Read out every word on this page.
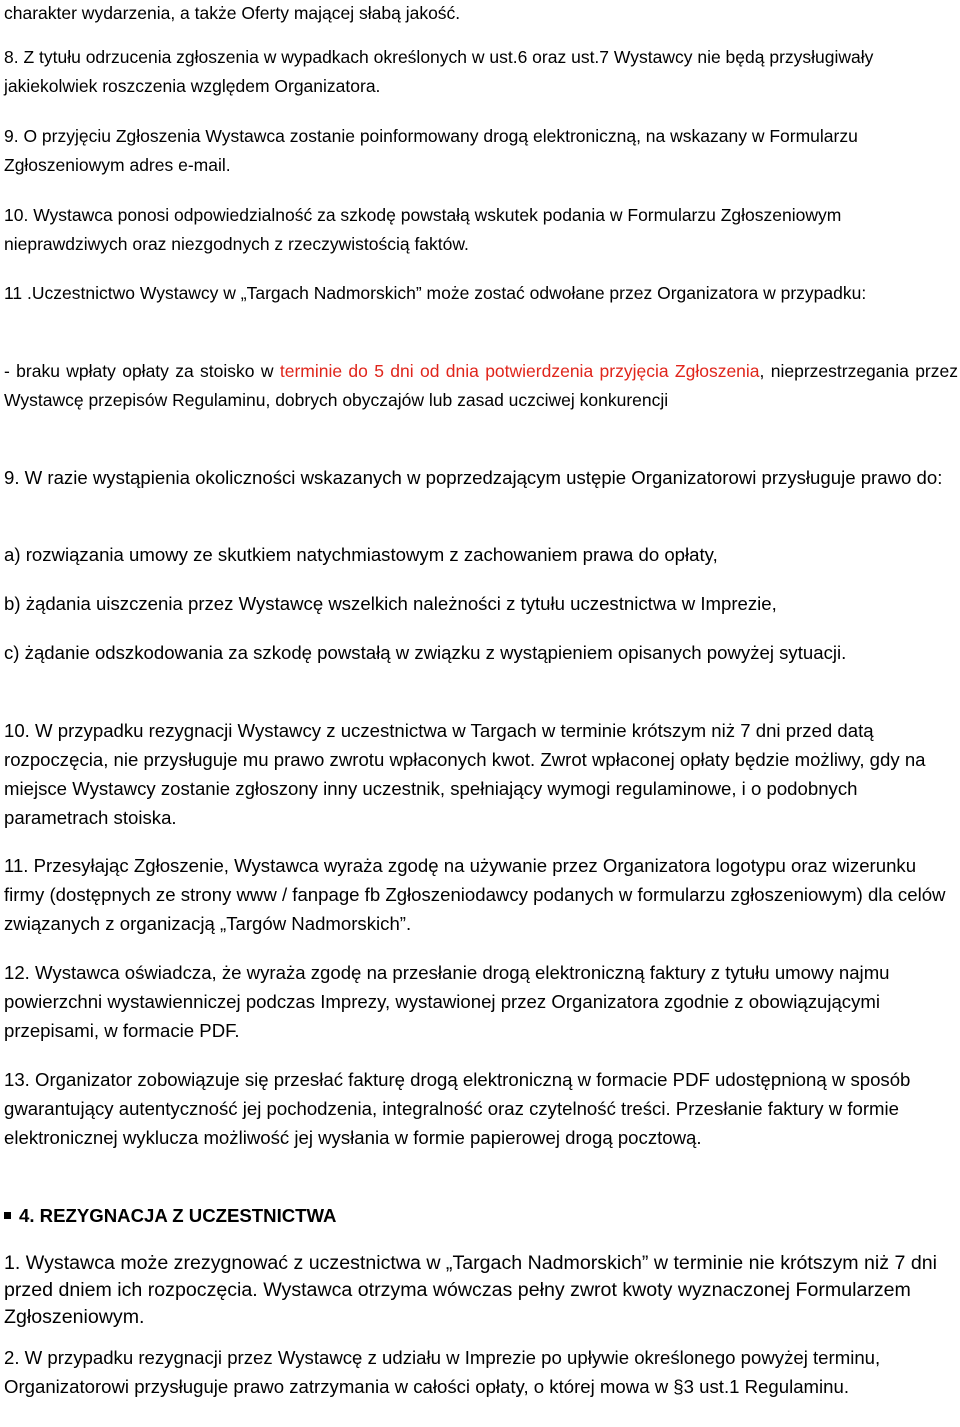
charakter wydarzenia, a także Oferty mającej słabą jakość.

8. Z tytułu odrzucenia zgłoszenia w wypadkach określonych w ust.6 oraz ust.7 Wystawcy nie będą przysługiwały jakiekolwiek roszczenia względem Organizatora.

9. O przyjęciu Zgłoszenia Wystawca zostanie poinformowany drogą elektroniczną, na wskazany w Formularzu Zgłoszeniowym adres e-mail.

10. Wystawca ponosi odpowiedzialność za szkodę powstałą wskutek podania w Formularzu Zgłoszeniowym nieprawdziwych oraz niezgodnych z rzeczywistością faktów.

11 .Uczestnictwo Wystawcy w „Targach Nadmorskich” może zostać odwołane przez Organizatora w przypadku:

- braku wpłaty opłaty za stoisko w terminie do 5 dni od dnia potwierdzenia przyjęcia Zgłoszenia, nieprzestrzegania przez Wystawcę przepisów Regulaminu, dobrych obyczajów lub zasad uczciwej konkurencji

9. W razie wystąpienia okoliczności wskazanych w poprzedzającym ustępie Organizatorowi przysługuje prawo do:

a) rozwiązania umowy ze skutkiem natychmiastowym z zachowaniem prawa do opłaty,

b) żądania uiszczenia przez Wystawcę wszelkich należności z tytułu uczestnictwa w Imprezie,

c) żądanie odszkodowania za szkodę powstałą w związku z wystąpieniem opisanych powyżej sytuacji.

10. W przypadku rezygnacji Wystawcy z uczestnictwa w Targach w terminie krótszym niż 7 dni przed datą rozpoczęcia, nie przysługuje mu prawo zwrotu wpłaconych kwot. Zwrot wpłaconej opłaty będzie możliwy, gdy na miejsce Wystawcy zostanie zgłoszony inny uczestnik, spełniający wymogi regulaminowe, i o podobnych parametrach stoiska.

11. Przesyłając Zgłoszenie, Wystawca wyraża zgodę na używanie przez Organizatora logotypu oraz wizerunku firmy (dostępnych ze strony www / fanpage fb Zgłoszeniodawcy podanych w formularzu zgłoszeniowym) dla celów związanych z organizacją „Targów Nadmorskich”.

12. Wystawca oświadcza, że wyraża zgodę na przesłanie drogą elektroniczną faktury z tytułu umowy najmu powierzchni wystawienniczej podczas Imprezy, wystawionej przez Organizatora zgodnie z obowiązującymi przepisami, w formacie PDF.

13. Organizator zobowiązuje się przesłać fakturę drogą elektroniczną w formacie PDF udostępnioną w sposób gwarantujący autentyczność jej pochodzenia, integralność oraz czytelność treści. Przesłanie faktury w formie elektronicznej wyklucza możliwość jej wysłania w formie papierowej drogą pocztową.

4. REZYGNACJA Z UCZESTNICTWA

1. Wystawca może zrezygnować z uczestnictwa w „Targach Nadmorskich” w terminie nie krótszym niż 7 dni przed dniem ich rozpoczęcia. Wystawca otrzyma wówczas pełny zwrot kwoty wyznaczonej Formularzem Zgłoszeniowym.

2. W przypadku rezygnacji przez Wystawcę z udziału w Imprezie po upływie określonego powyżej terminu, Organizatorowi przysługuje prawo zatrzymania w całości opłaty, o której mowa w §3 ust.1 Regulaminu.
